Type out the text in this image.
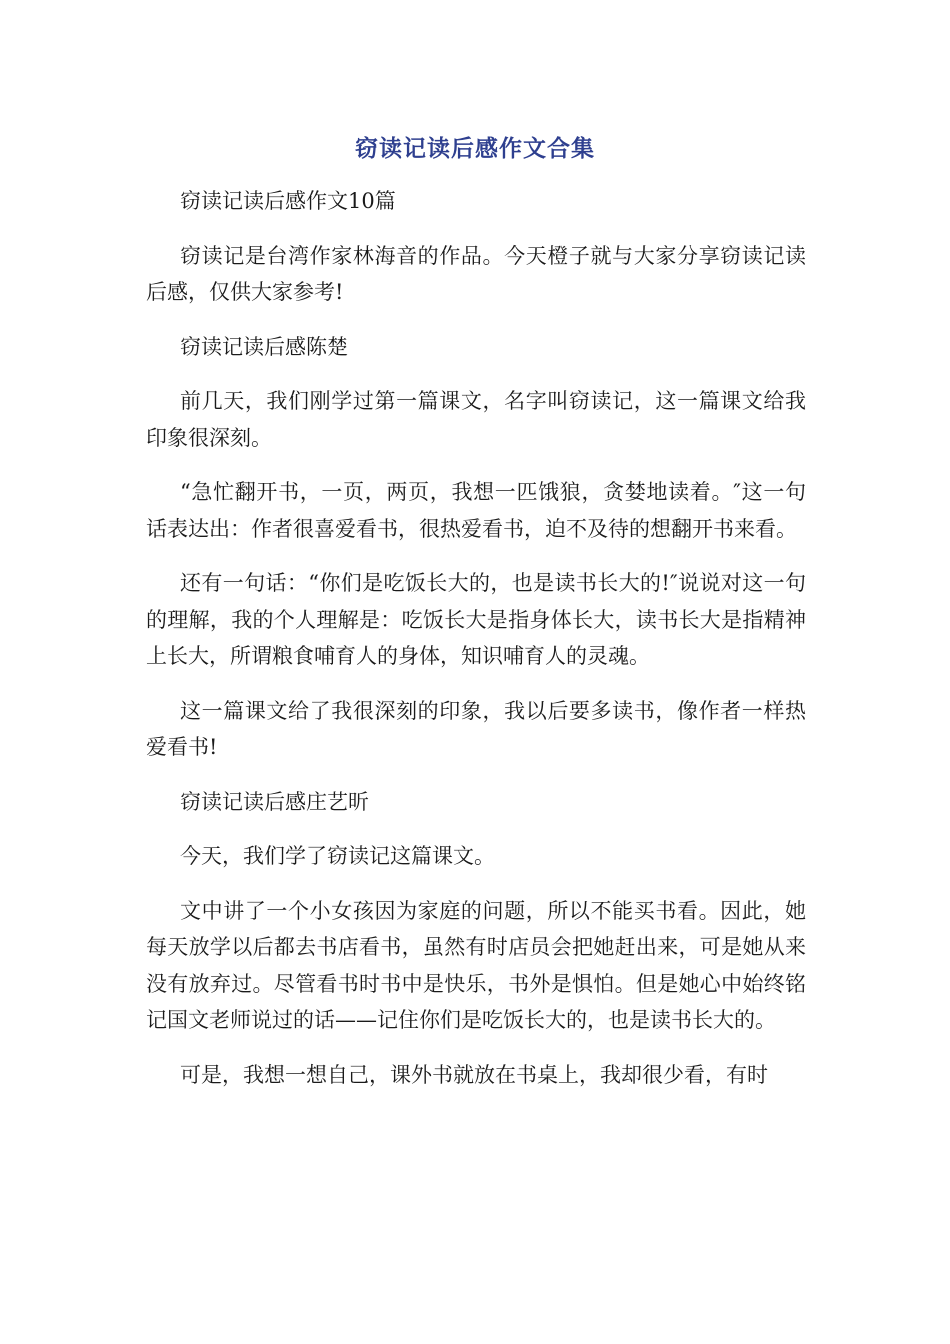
窃读记读后感作文合集

窃读记读后感作文10篇

窃读记是台湾作家林海音的作品。今天橙子就与大家分享窃读记读后感，仅供大家参考!

窃读记读后感陈楚

前几天，我们刚学过第一篇课文，名字叫窃读记，这一篇课文给我印象很深刻。

“急忙翻开书，一页，两页，我想一匹饿狼，贪婪地读着。″这一句话表达出：作者很喜爱看书，很热爱看书，迫不及待的想翻开书来看。

还有一句话：“你们是吃饭长大的，也是读书长大的!″说说对这一句的理解，我的个人理解是：吃饭长大是指身体长大，读书长大是指精神上长大，所谓粮食哺育人的身体，知识哺育人的灵魂。

这一篇课文给了我很深刻的印象，我以后要多读书，像作者一样热爱看书!

窃读记读后感庄艺昕

今天，我们学了窃读记这篇课文。

文中讲了一个小女孩因为家庭的问题，所以不能买书看。因此，她每天放学以后都去书店看书，虽然有时店员会把她赶出来，可是她从来没有放弃过。尽管看书时书中是快乐，书外是惧怕。但是她心中始终铭记国文老师说过的话——记住你们是吃饭长大的，也是读书长大的。

可是，我想一想自己，课外书就放在书桌上，我却很少看，有时
